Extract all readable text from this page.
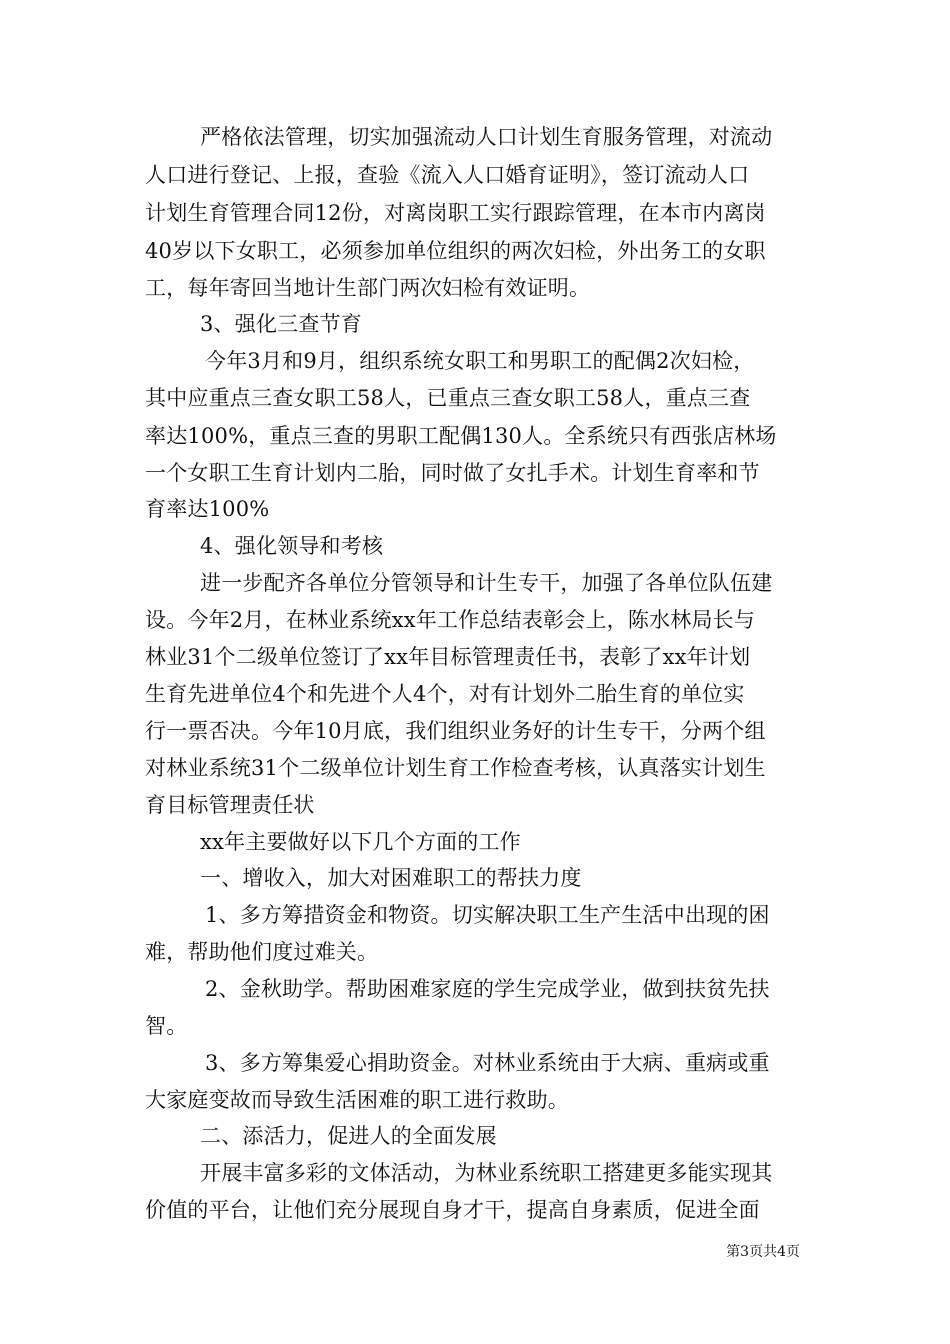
严格依法管理，切实加强流动人口计划生育服务管理，对流动
人口进行登记、上报，查验《流入人口婚育证明》，签订流动人口
计划生育管理合同12份，对离岗职工实行跟踪管理，在本市内离岗
40岁以下女职工，必须参加单位组织的两次妇检，外出务工的女职
工，每年寄回当地计生部门两次妇检有效证明。
3、强化三查节育
今年3月和9月，组织系统女职工和男职工的配偶2次妇检，
其中应重点三查女职工58人，已重点三查女职工58人，重点三查
率达100%，重点三查的男职工配偶130人。全系统只有西张店林场
一个女职工生育计划内二胎，同时做了女扎手术。计划生育率和节
育率达100%
4、强化领导和考核
进一步配齐各单位分管领导和计生专干，加强了各单位队伍建
设。今年2月，在林业系统xx年工作总结表彰会上，陈水林局长与
林业31个二级单位签订了xx年目标管理责任书，表彰了xx年计划
生育先进单位4个和先进个人4个，对有计划外二胎生育的单位实
行一票否决。今年10月底，我们组织业务好的计生专干，分两个组
对林业系统31个二级单位计划生育工作检查考核，认真落实计划生
育目标管理责任状
xx年主要做好以下几个方面的工作
一、增收入，加大对困难职工的帮扶力度
1、多方筹措资金和物资。切实解决职工生产生活中出现的困
难，帮助他们度过难关。
2、金秋助学。帮助困难家庭的学生完成学业，做到扶贫先扶
智。
3、多方筹集爱心捐助资金。对林业系统由于大病、重病或重
大家庭变故而导致生活困难的职工进行救助。
二、添活力，促进人的全面发展
开展丰富多彩的文体活动，为林业系统职工搭建更多能实现其
价值的平台，让他们充分展现自身才干，提高自身素质，促进全面
第3页共4页
